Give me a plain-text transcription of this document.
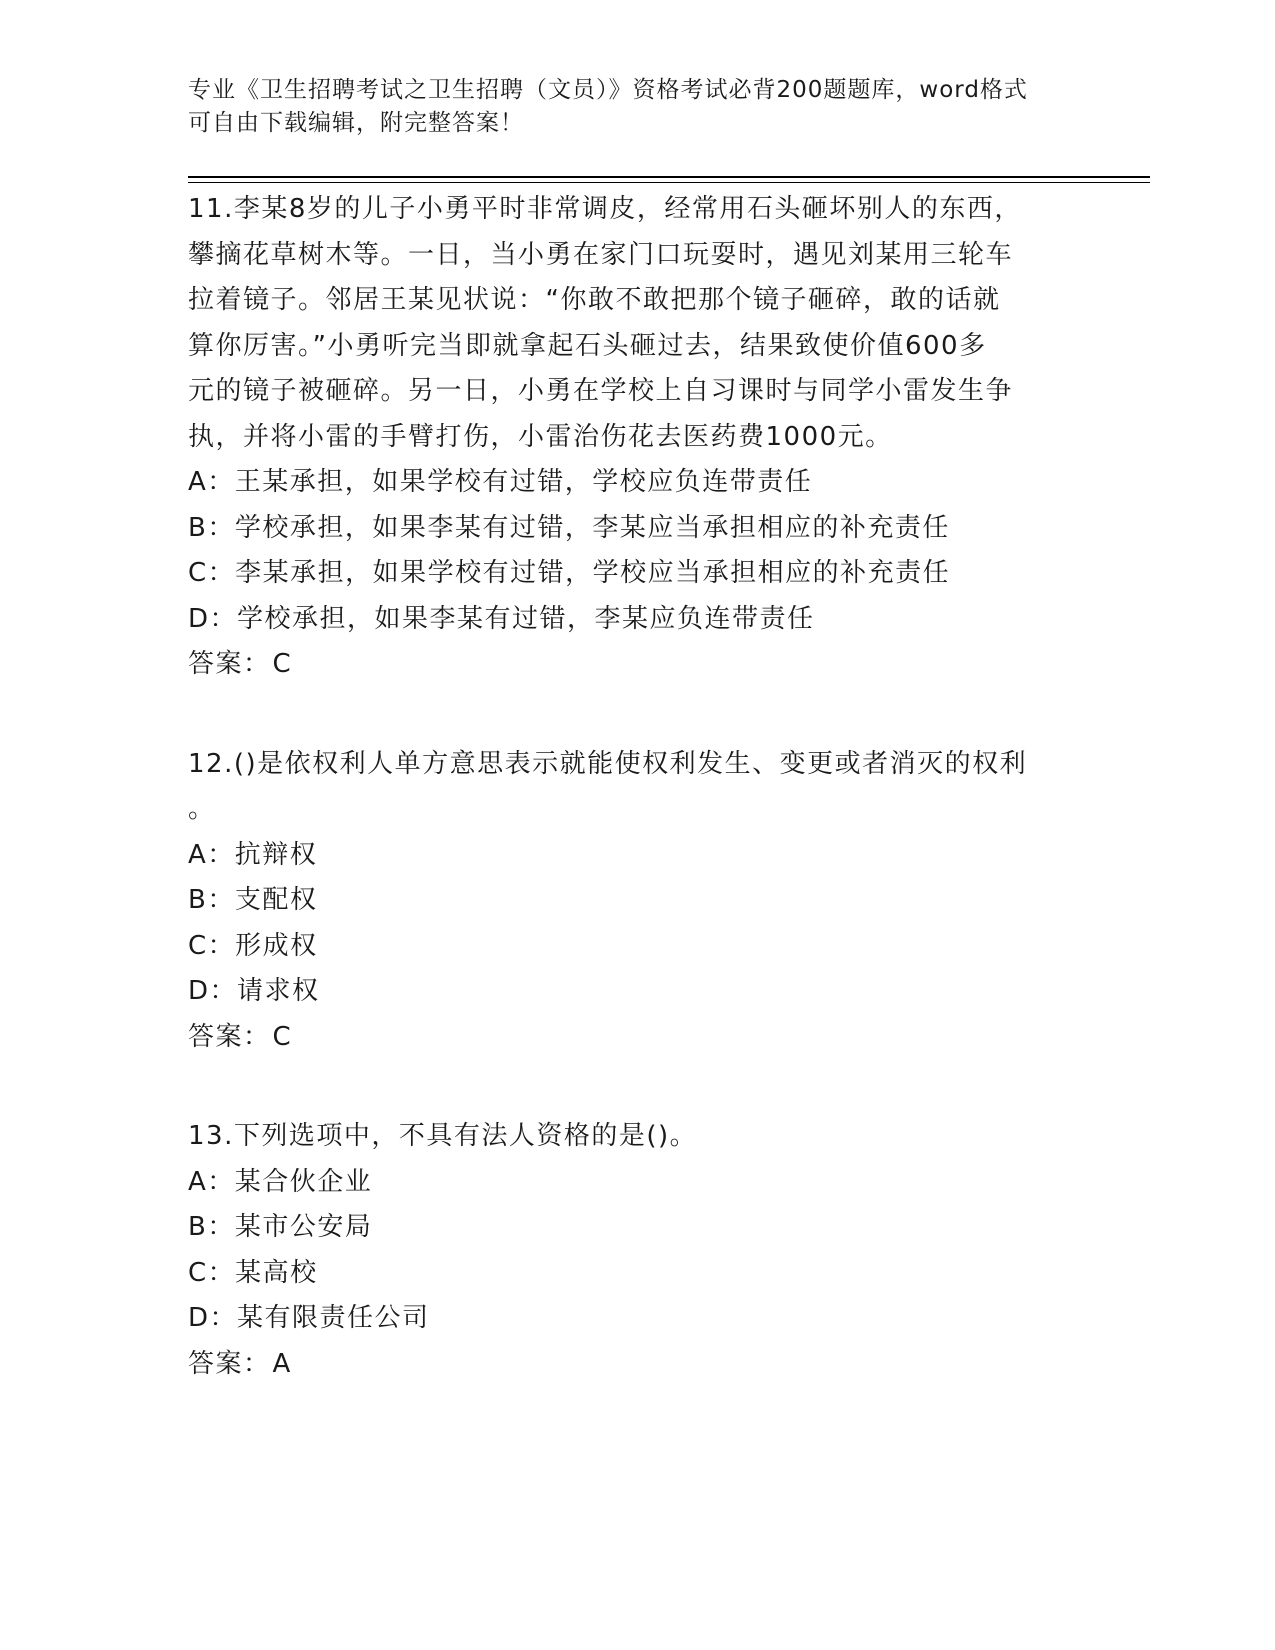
专业《卫生招聘考试之卫生招聘（文员）》资格考试必背200题题库，word格式
可自由下载编辑，附完整答案！
11.李某8岁的儿子小勇平时非常调皮，经常用石头砸坏别人的东西，
攀摘花草树木等。一日，当小勇在家门口玩耍时，遇见刘某用三轮车
拉着镜子。邻居王某见状说：“你敢不敢把那个镜子砸碎，敢的话就
算你厉害。”小勇听完当即就拿起石头砸过去，结果致使价值600多
元的镜子被砸碎。另一日，小勇在学校上自习课时与同学小雷发生争
执，并将小雷的手臂打伤，小雷治伤花去医药费1000元。
A：王某承担，如果学校有过错，学校应负连带责任
B：学校承担，如果李某有过错，李某应当承担相应的补充责任
C：李某承担，如果学校有过错，学校应当承担相应的补充责任
D：学校承担，如果李某有过错，李某应负连带责任
答案：C
12.()是依权利人单方意思表示就能使权利发生、变更或者消灭的权利
。
A：抗辩权
B：支配权
C：形成权
D：请求权
答案：C
13.下列选项中，不具有法人资格的是()。
A：某合伙企业
B：某市公安局
C：某高校
D：某有限责任公司
答案：A
